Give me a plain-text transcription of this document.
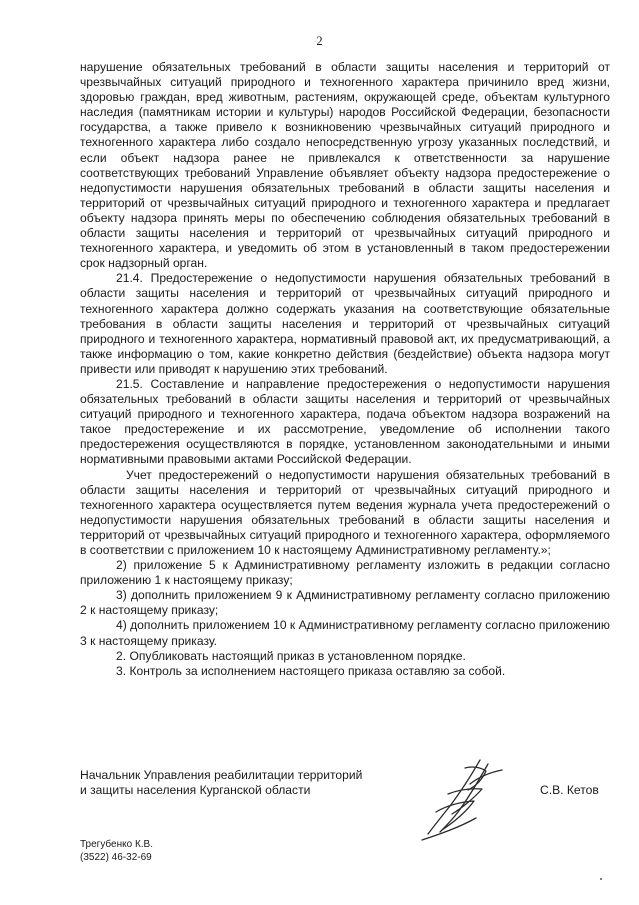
2

нарушение обязательных требований в области защиты населения и территорий от чрезвычайных ситуаций природного и техногенного характера причинило вред жизни, здоровью граждан, вред животным, растениям, окружающей среде, объектам культурного наследия (памятникам истории и культуры) народов Российской Федерации, безопасности государства, а также привело к возникновению чрезвычайных ситуаций природного и техногенного характера либо создало непосредственную угрозу указанных последствий, и если объект надзора ранее не привлекался к ответственности за нарушение соответствующих требований Управление объявляет объекту надзора предостережение о недопустимости нарушения обязательных требований в области защиты населения и территорий от чрезвычайных ситуаций природного и техногенного характера и предлагает объекту надзора принять меры по обеспечению соблюдения обязательных требований в области защиты населения и территорий от чрезвычайных ситуаций природного и техногенного характера, и уведомить об этом в установленный в таком предостережении срок надзорный орган.

21.4. Предостережение о недопустимости нарушения обязательных требований в области защиты населения и территорий от чрезвычайных ситуаций природного и техногенного характера должно содержать указания на соответствующие обязательные требования в области защиты населения и территорий от чрезвычайных ситуаций природного и техногенного характера, нормативный правовой акт, их предусматривающий, а также информацию о том, какие конкретно действия (бездействие) объекта надзора могут привести или приводят к нарушению этих требований.

21.5. Составление и направление предостережения о недопустимости нарушения обязательных требований в области защиты населения и территорий от чрезвычайных ситуаций природного и техногенного характера, подача объектом надзора возражений на такое предостережение и их рассмотрение, уведомление об исполнении такого предостережения осуществляются в порядке, установленном законодательными и иными нормативными правовыми актами Российской Федерации.

Учет предостережений о недопустимости нарушения обязательных требований в области защиты населения и территорий от чрезвычайных ситуаций природного и техногенного характера осуществляется путем ведения журнала учета предостережений о недопустимости нарушения обязательных требований в области защиты населения и территорий от чрезвычайных ситуаций природного и техногенного характера, оформляемого в соответствии с приложением 10 к настоящему Административному регламенту.»;

2) приложение 5 к Административному регламенту изложить в редакции согласно приложению 1 к настоящему приказу;

3) дополнить приложением 9 к Административному регламенту согласно приложению 2 к настоящему приказу;

4) дополнить приложением 10 к Административному регламенту согласно приложению 3 к настоящему приказу.

2. Опубликовать настоящий приказ в установленном порядке.

3. Контроль за исполнением настоящего приказа оставляю за собой.

Начальник Управления реабилитации территорий
и защиты населения Курганской области	С.В. Кетов
Трегубенко К.В.
(3522) 46-32-69
